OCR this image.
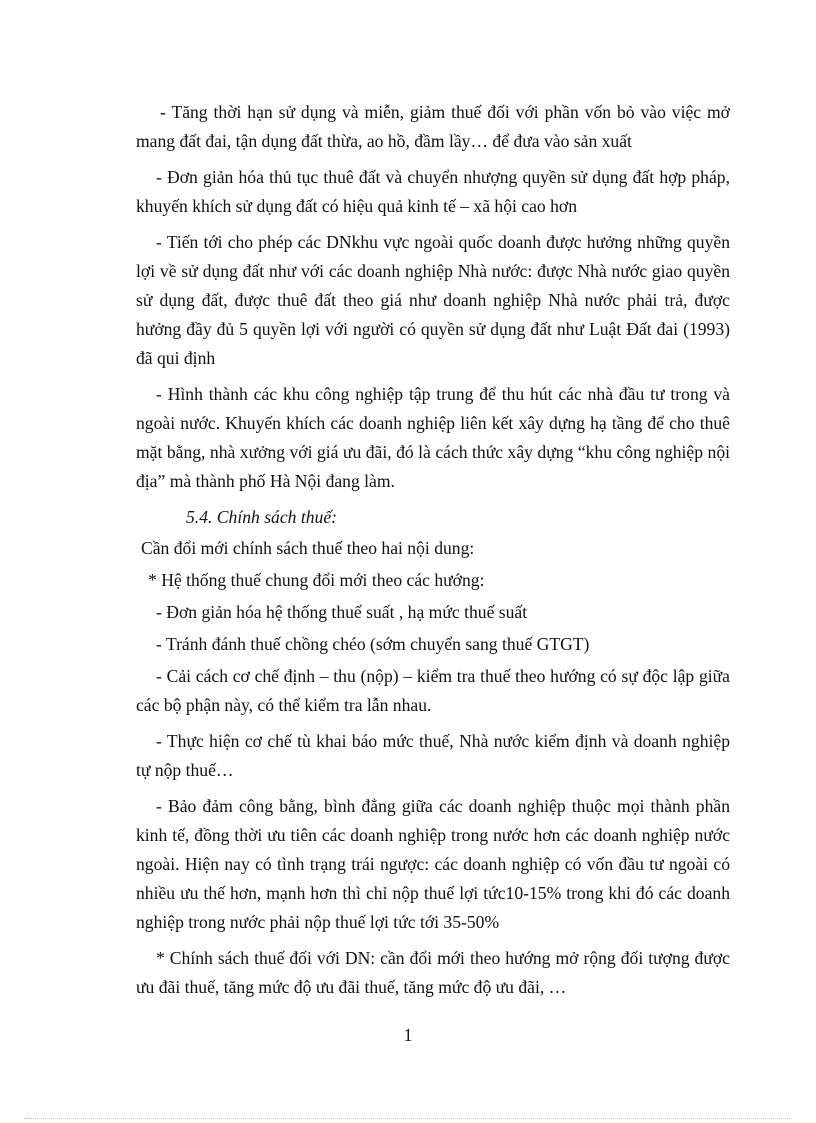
- Tăng thời hạn sử dụng và miễn, giảm thuế đối với phần vốn bỏ vào việc mở mang đất đai, tận dụng đất thừa, ao hồ, đầm lầy… để đưa vào sản xuất

- Đơn giản hóa thủ tục thuê đất và chuyển nhượng quyền sử dụng đất hợp pháp, khuyến khích sử dụng đất có hiệu quả kinh tế – xã hội cao hơn

- Tiến tới cho phép các DNkhu vực ngoài quốc doanh được hưởng những quyền lợi về sử dụng đất như với các doanh nghiệp Nhà nước: được Nhà nước giao quyền sử dụng đất, được thuê đất theo giá như doanh nghiệp Nhà nước phải trả, được hưởng đầy đủ 5 quyền lợi với người có quyền sử dụng đất như Luật Đất đai (1993) đã qui định

- Hình thành các khu công nghiệp tập trung để thu hút các nhà đầu tư trong và ngoài nước. Khuyến khích các doanh nghiệp liên kết xây dựng hạ tầng để cho thuê mặt bằng, nhà xưởng với giá ưu đãi, đó là cách thức xây dựng “khu công nghiệp nội địa” mà thành phố Hà Nội đang làm.

5.4. Chính sách thuế:
Cần đổi mới chính sách thuế theo hai nội dung:
* Hệ thống thuế chung đổi mới theo các hướng:
- Đơn giản hóa hệ thống thuế suất , hạ mức thuế suất
- Tránh đánh thuế chồng chéo (sớm chuyển sang thuế GTGT)

- Cải cách cơ chế định – thu (nộp) – kiểm tra thuế theo hướng có sự độc lập giữa các bộ phận này, có thể kiểm tra lẫn nhau.

- Thực hiện cơ chế tù khai báo mức thuế, Nhà nước kiểm định và doanh nghiệp tự nộp thuế…

- Bảo đảm công bằng, bình đẳng giữa các doanh nghiệp thuộc mọi thành phần kinh tế, đồng thời ưu tiên các doanh nghiệp trong nước hơn các doanh nghiệp nước ngoài. Hiện nay có tình trạng trái ngược: các doanh nghiệp có vốn đầu tư ngoài có nhiều ưu thế hơn, mạnh hơn thì chỉ nộp thuế lợi tức10-15% trong khi đó các doanh nghiệp trong nước phải nộp thuế lợi tức tới 35-50%

* Chính sách thuế đối với DN: cần đổi mới theo hướng mở rộng đối tượng được ưu đãi thuế, tăng mức độ ưu đãi thuế, tăng mức độ ưu đãi, …

1
